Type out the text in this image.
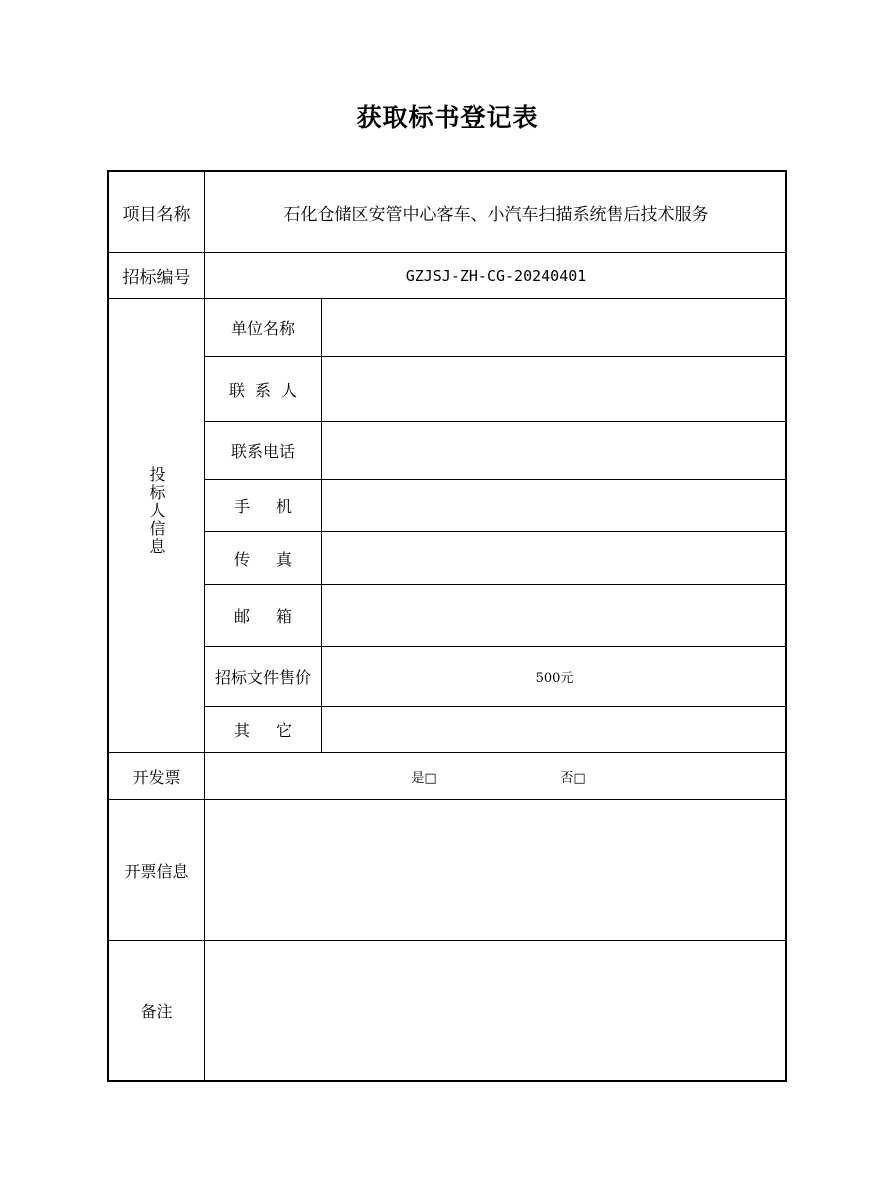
获取标书登记表
项目名称	石化仓储区安管中心客车、小汽车扫描系统售后技术服务
招标编号	GZJSJ-ZH-CG-20240401
投标人信息
单位名称
联系人
联系电话
手机
传真
邮箱
招标文件售价	500元
其它
开发票	是□	否□
开票信息
备注
